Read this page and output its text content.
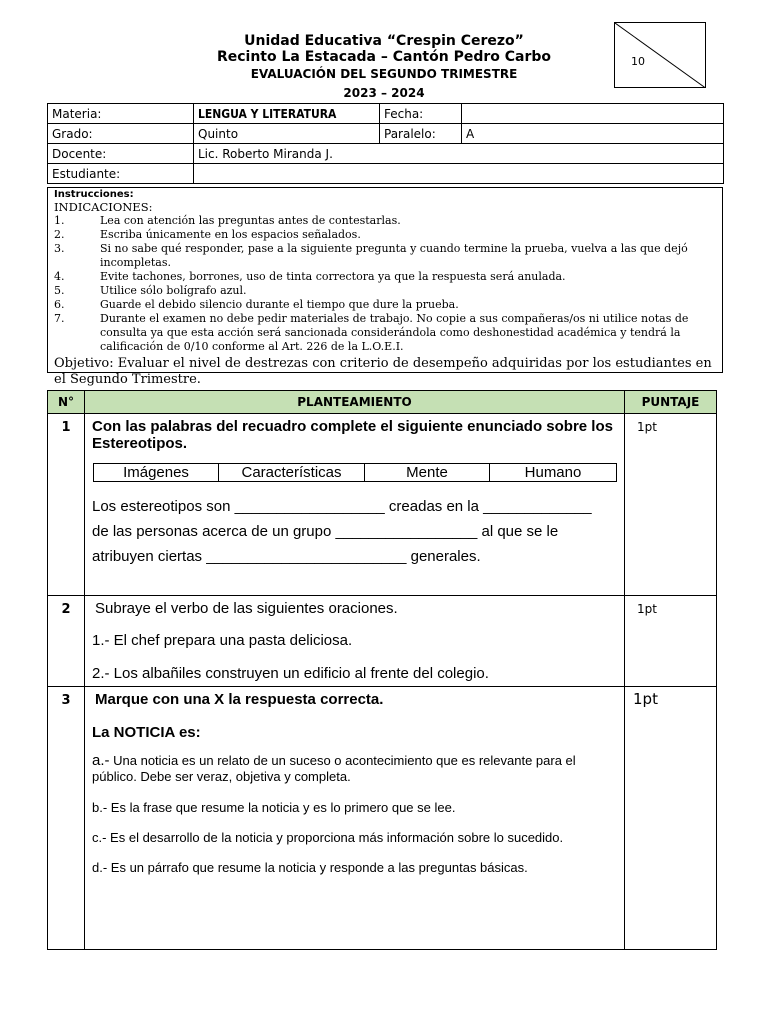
Unidad Educativa “Crespin Cerezo”
Recinto La Estacada – Cantón Pedro Carbo
EVALUACIÓN DEL SEGUNDO TRIMESTRE
2023 – 2024
10
Materia:	LENGUA Y LITERATURA	Fecha:	
Grado:	Quinto	Paralelo:	A
Docente:	Lic. Roberto Miranda J.		
Estudiante:			
Instrucciones:
INDICACIONES:
1.	Lea con atención las preguntas antes de contestarlas.
2.	Escriba únicamente en los espacios señalados.
3.	Si no sabe qué responder, pase a la siguiente pregunta y cuando termine la prueba, vuelva a las que dejó incompletas.
4.	Evite tachones, borrones, uso de tinta correctora ya que la respuesta será anulada.
5.	Utilice sólo bolígrafo azul.
6.	Guarde el debido silencio durante el tiempo que dure la prueba.
7.	Durante el examen no debe pedir materiales de trabajo. No copie a sus compañeras/os ni utilice notas de consulta ya que esta acción será sancionada considerándola como deshonestidad académica y tendrá la calificación de 0/10 conforme al Art. 226 de la L.O.E.I.
Objetivo: Evaluar el nivel de destrezas con criterio de desempeño adquiridas por los estudiantes en el Segundo Trimestre.
N°	PLANTEAMIENTO	PUNTAJE
1	Con las palabras del recuadro complete el siguiente enunciado sobre los Estereotipos.
Imágenes	Características	Mente	Humano
Los estereotipos son __________________ creadas en la _____________
de las personas acerca de un grupo _________________ al que se le
atribuyen ciertas ________________________ generales.
	1pt
2	Subraye el verbo de las siguientes oraciones.
1.- El chef prepara una pasta deliciosa.
2.- Los albañiles construyen un edificio al frente del colegio.
	1pt
3	Marque con una X la respuesta correcta.
La NOTICIA es:
a.- Una noticia es un relato de un suceso o acontecimiento que es relevante para el público. Debe ser veraz, objetiva y completa.
b.- Es la frase que resume la noticia y es lo primero que se lee.
c.- Es el desarrollo de la noticia y proporciona más información sobre lo sucedido.
d.- Es un párrafo que resume la noticia y responde a las preguntas básicas.
	1pt
